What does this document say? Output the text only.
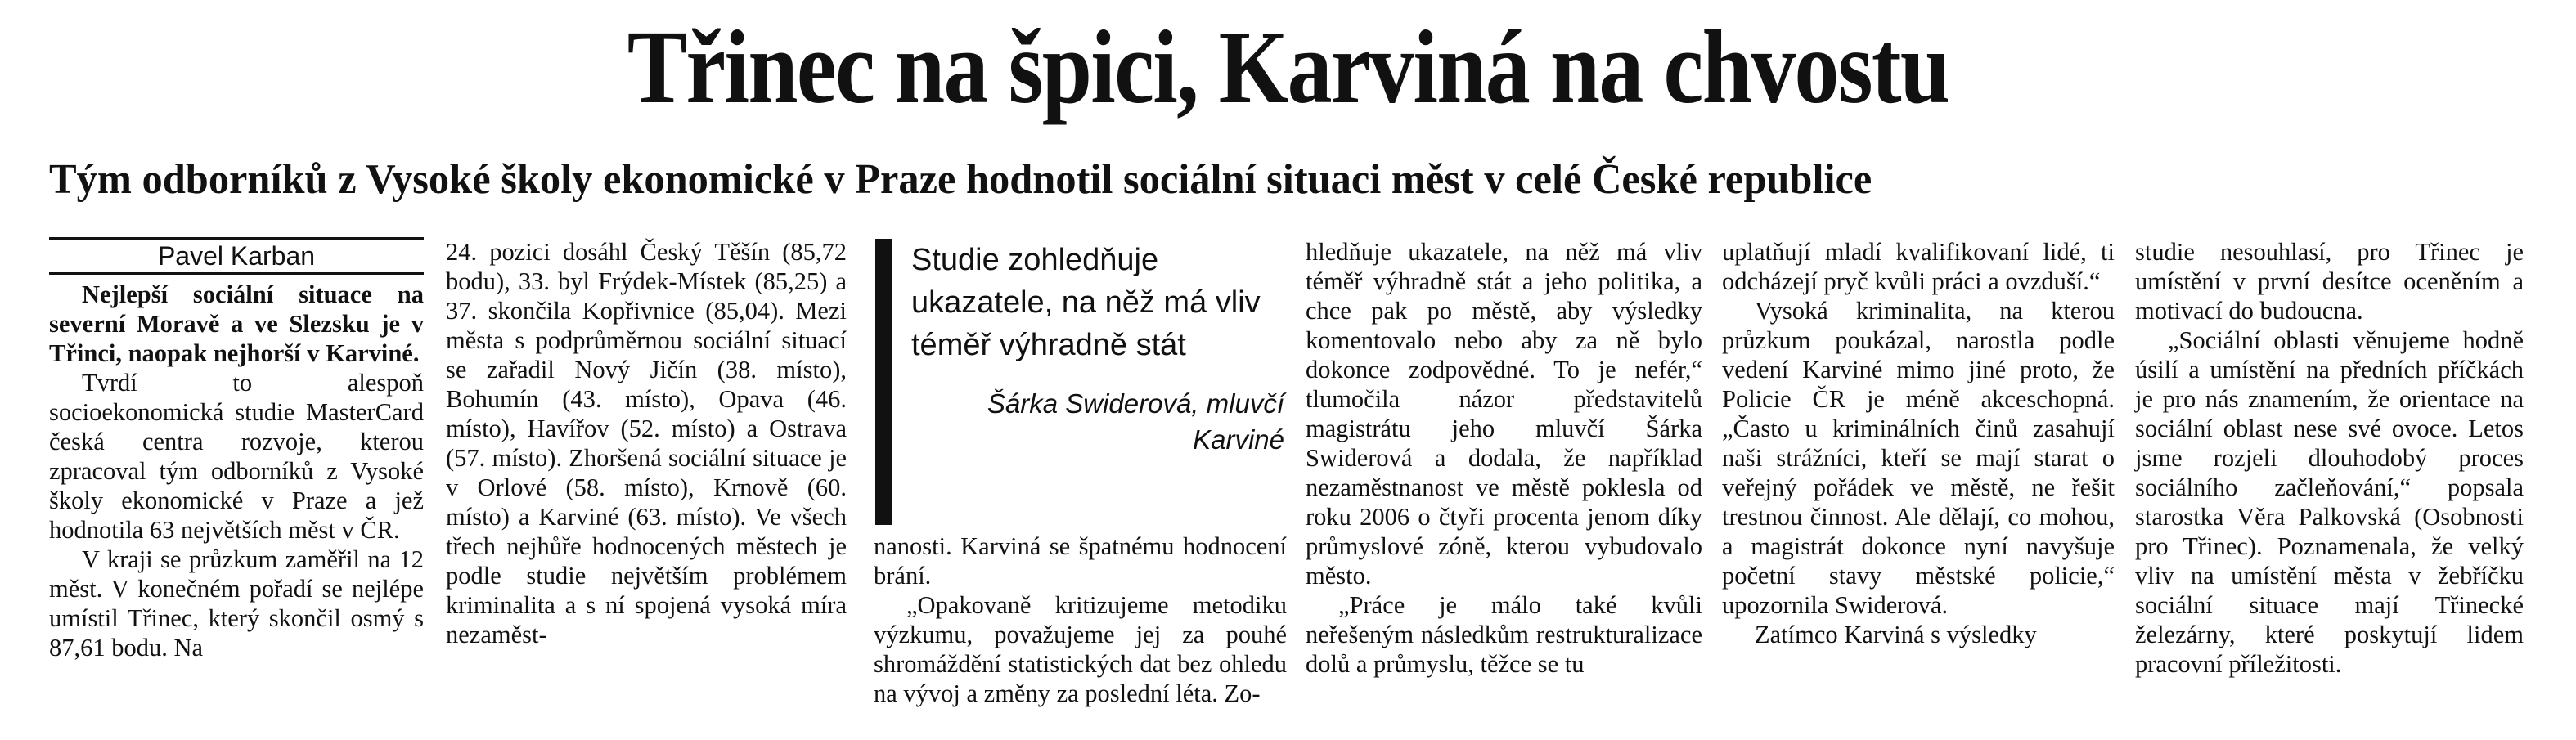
Třinec na špici, Karviná na chvostu
Tým odborníků z Vysoké školy ekonomické v Praze hodnotil sociální situaci měst v celé České republice
Pavel Karban

Nejlepší sociální situace na severní Moravě a ve Slezsku je v Třinci, naopak nejhorší v Karviné.

Tvrdí to alespoň socioekonomická studie MasterCard česká centra rozvoje, kterou zpracoval tým odborníků z Vysoké školy ekonomické v Praze a jež hodnotila 63 největších měst v ČR.

V kraji se průzkum zaměřil na 12 měst. V konečném pořadí se nejlépe umístil Třinec, který skončil osmý s 87,61 bodu. Na

24. pozici dosáhl Český Těšín (85,72 bodu), 33. byl Frýdek-Místek (85,25) a 37. skončila Kopřivnice (85,04). Mezi města s podprůměrnou sociální situací se zařadil Nový Jičín (38. místo), Bohumín (43. místo), Opava (46. místo), Havířov (52. místo) a Ostrava (57. místo). Zhoršená sociální situace je v Orlové (58. místo), Krnově (60. místo) a Karviné (63. místo). Ve všech třech nejhůře hodnocených městech je podle studie největším problémem kriminalita a s ní spojená vysoká míra nezaměst-

Studie zohledňuje ukazatele, na něž má vliv téměř výhradně stát
Šárka Swiderová, mluvčí Karviné

nanosti. Karviná se špatnému hodnocení brání.

„Opakovaně kritizujeme metodiku výzkumu, považujeme jej za pouhé shromáždění statistických dat bez ohledu na vývoj a změny za poslední léta. Zo-

hledňuje ukazatele, na něž má vliv téměř výhradně stát a jeho politika, a chce pak po městě, aby výsledky komentovalo nebo aby za ně bylo dokonce zodpovědné. To je nefér,“ tlumočila názor představitelů magistrátu jeho mluvčí Šárka Swiderová a dodala, že například nezaměstnanost ve městě poklesla od roku 2006 o čtyři procenta jenom díky průmyslové zóně, kterou vybudovalo město.

„Práce je málo také kvůli neřešeným následkům restrukturalizace dolů a průmyslu, těžce se tu

uplatňují mladí kvalifikovaní lidé, ti odcházejí pryč kvůli práci a ovzduší.“

Vysoká kriminalita, na kterou průzkum poukázal, narostla podle vedení Karviné mimo jiné proto, že Policie ČR je méně akceschopná. „Často u kriminálních činů zasahují naši strážníci, kteří se mají starat o veřejný pořádek ve městě, ne řešit trestnou činnost. Ale dělají, co mohou, a magistrát dokonce nyní navyšuje početní stavy městské policie,“ upozornila Swiderová.

Zatímco Karviná s výsledky

studie nesouhlasí, pro Třinec je umístění v první desítce oceněním a motivací do budoucna.

„Sociální oblasti věnujeme hodně úsilí a umístění na předních příčkách je pro nás znamením, že orientace na sociální oblast nese své ovoce. Letos jsme rozjeli dlouhodobý proces sociálního začleňování,“ popsala starostka Věra Palkovská (Osobnosti pro Třinec). Poznamenala, že velký vliv na umístění města v žebříčku sociální situace mají Třinecké železárny, které poskytují lidem pracovní příležitosti.
